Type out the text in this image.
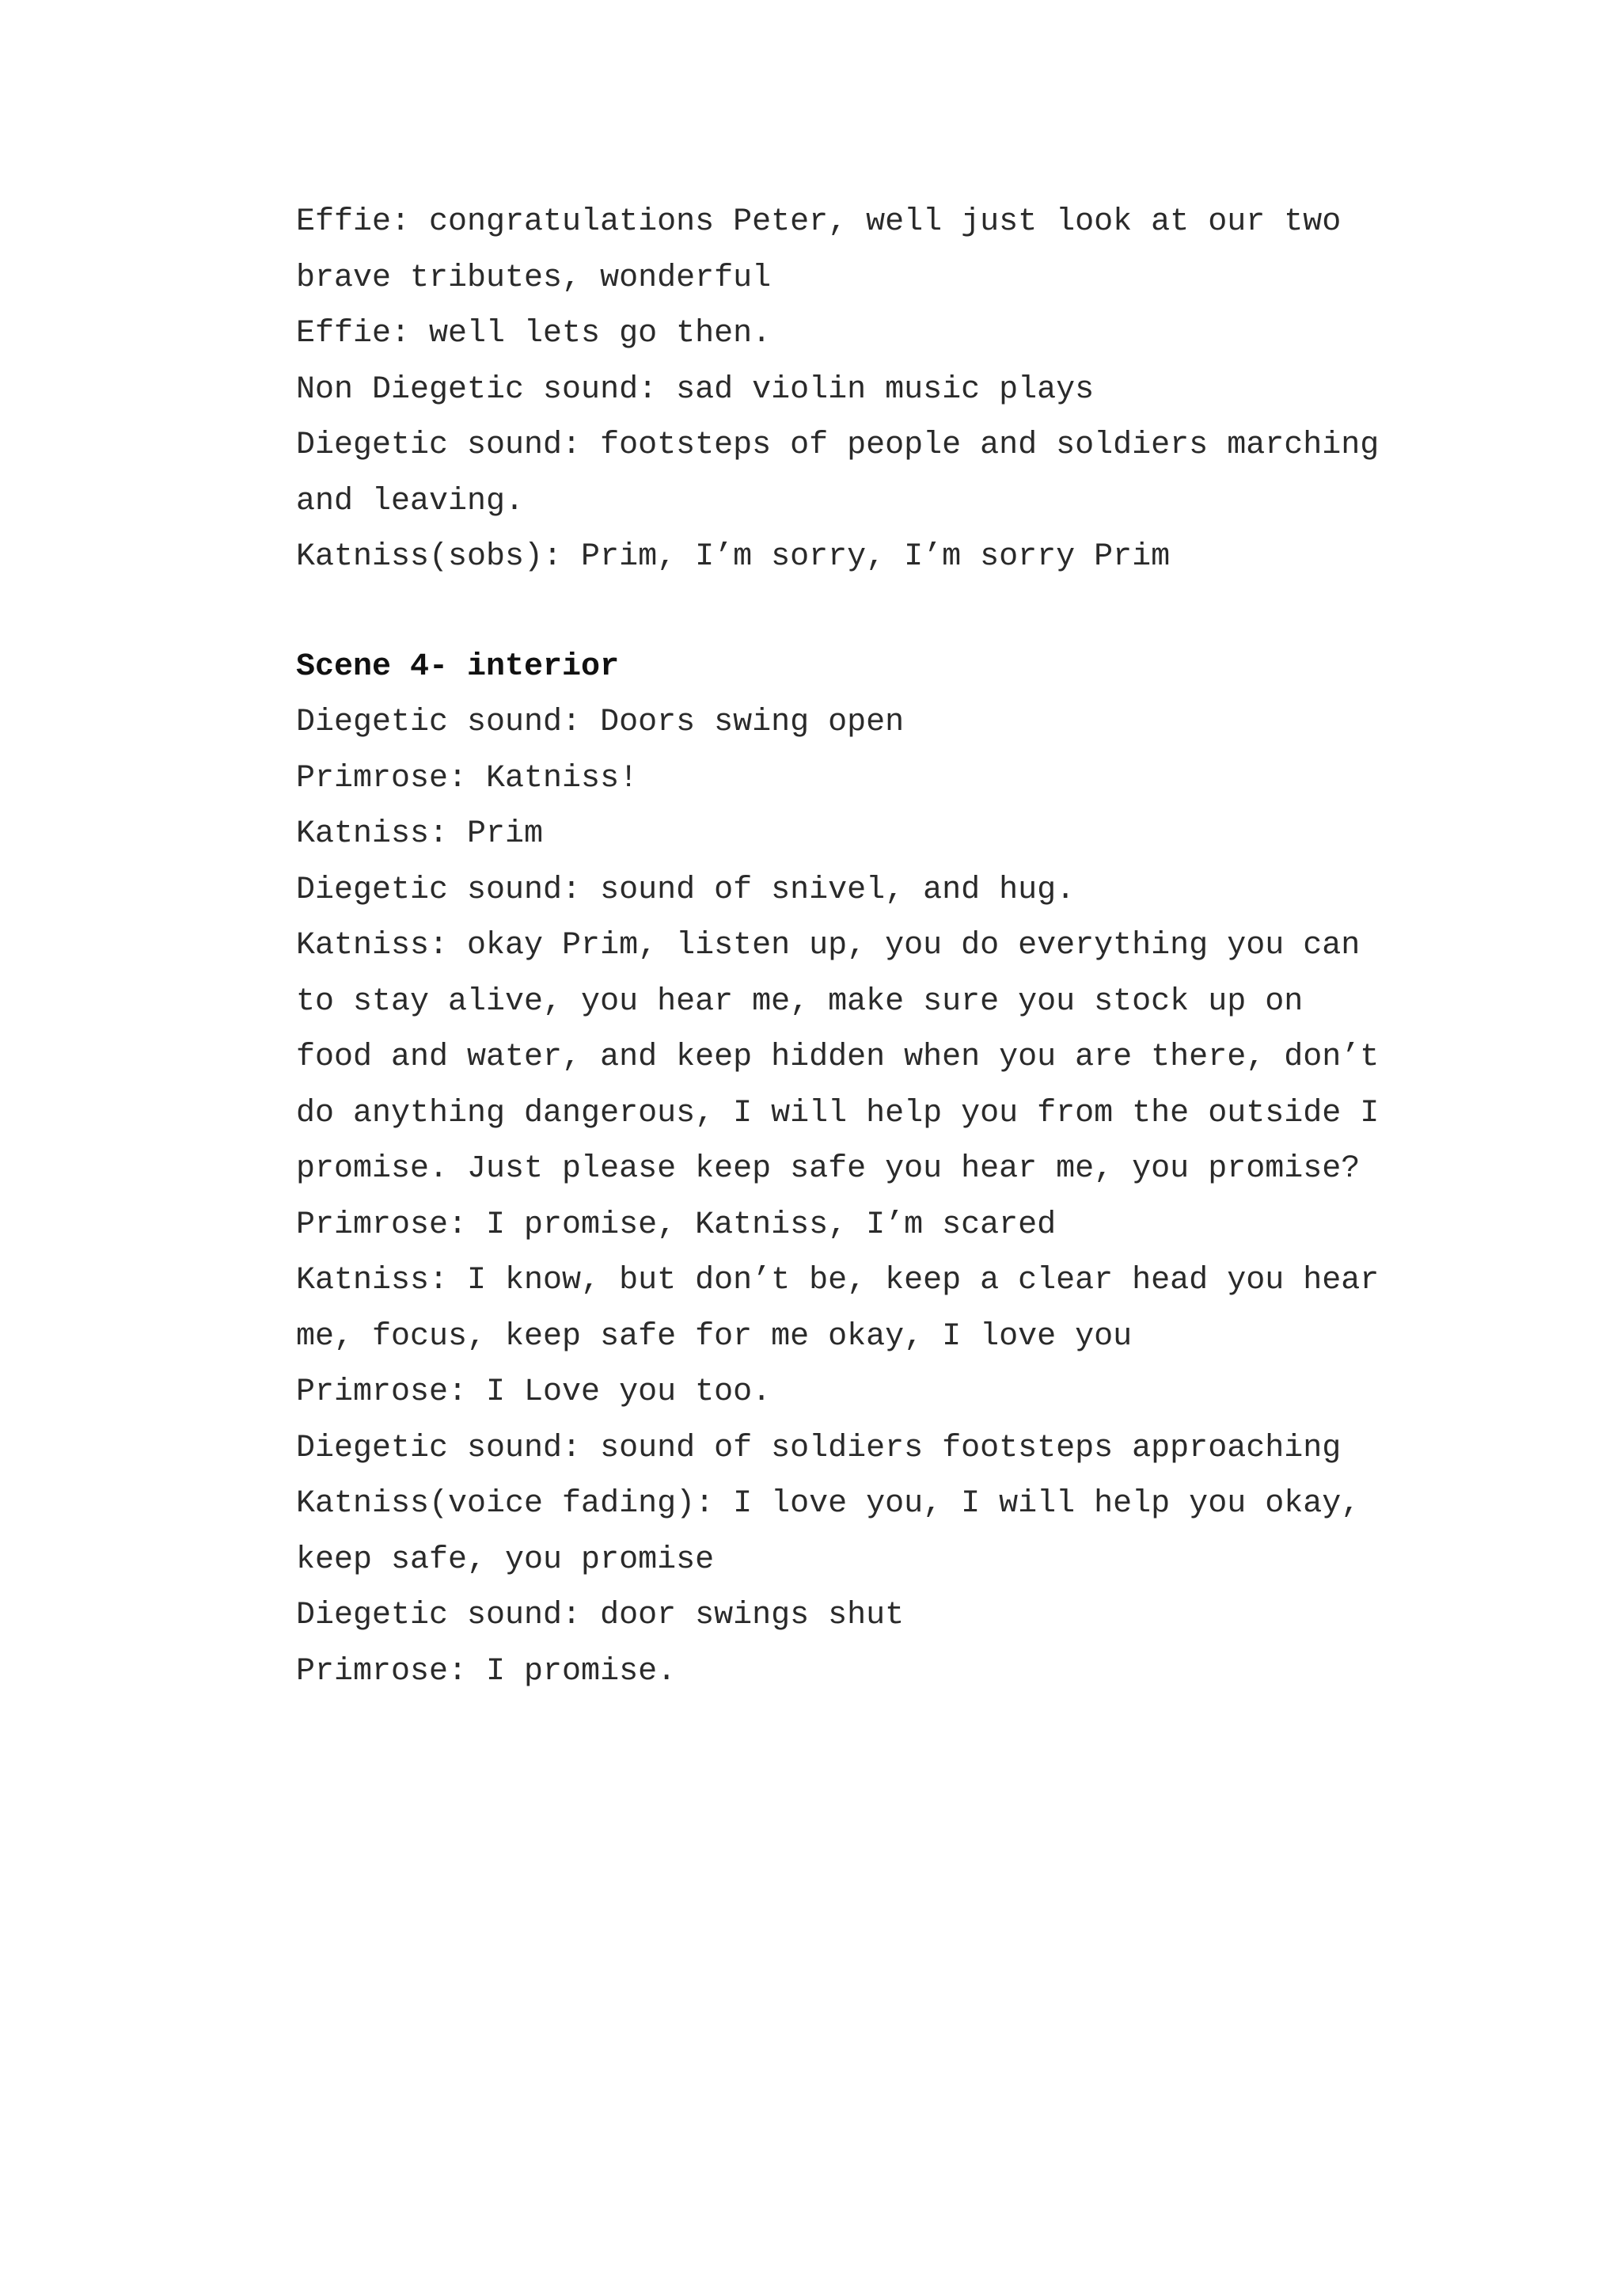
Effie: congratulations Peter, well just look at our two
brave tributes, wonderful
Effie: well lets go then.
Non Diegetic sound: sad violin music plays
Diegetic sound: footsteps of people and soldiers marching
and leaving.
Katniss(sobs): Prim, I’m sorry, I’m sorry Prim
Scene 4- interior
Diegetic sound: Doors swing open
Primrose: Katniss!
Katniss: Prim
Diegetic sound: sound of snivel, and hug.
Katniss: okay Prim, listen up, you do everything you can
to stay alive, you hear me, make sure you stock up on
food and water, and keep hidden when you are there, don’t
do anything dangerous, I will help you from the outside I
promise. Just please keep safe you hear me, you promise?
Primrose: I promise, Katniss, I’m scared
Katniss: I know, but don’t be, keep a clear head you hear
me, focus, keep safe for me okay, I love you
Primrose: I Love you too.
Diegetic sound: sound of soldiers footsteps approaching
Katniss(voice fading): I love you, I will help you okay,
keep safe, you promise
Diegetic sound: door swings shut
Primrose: I promise.
